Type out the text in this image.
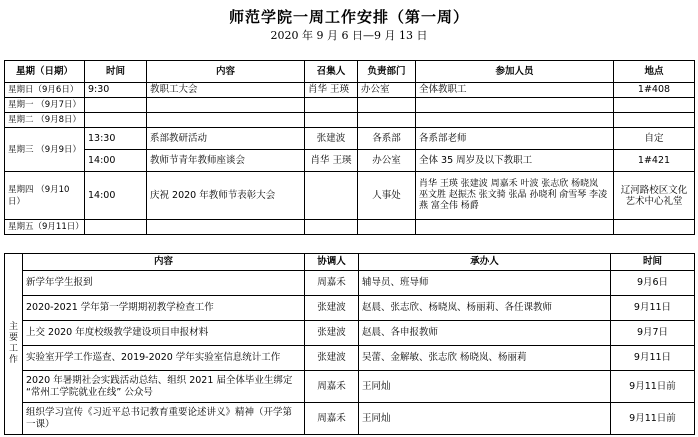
师范学院一周工作安排（第一周）
2020 年 9 月 6 日—9 月 13 日
星期（日期）	时间	内容	召集人	负责部门	参加人员	地点
星期日（9月6日）	9:30	教职工大会	肖华 王瑛	办公室	全体教职工	1#408
星期一 （9月7日）						
星期二 （9月8日）						
星期三 （9月9日）	13:30	系部教研活动	张建波	各系部	各系部老师	自定
	14:00	教师节青年教师座谈会	肖华 王瑛	办公室	全体 35 周岁及以下教职工	1#421
星期四 （9月10日）	14:00	庆祝 2020 年教师节表彰大会		人事处	肖华 王瑛 张建波 周嘉禾 叶波 张志欣 杨晓岚 巫文胜 赵振杰 张文骑 张晶 孙晓利 俞雪琴 李凌燕 富全伟 杨爵	辽河路校区文化艺术中心礼堂
星期五（9月11日）						
主要工作	内容	协调人	承办人	时间
	新学年学生报到	周嘉禾	辅导员、班导师	9月6日
	2020-2021 学年第一学期期初教学检查工作	张建波	赵晨、张志欣、杨晓岚、杨丽莉、各任课教师	9月11日
	上交 2020 年度校级教学建设项目申报材料	张建波	赵晨、各申报教师	9月7日
	实验室开学工作巡查、2019-2020 学年实验室信息统计工作	张建波	吴蕾、金解敏、张志欣 杨晓岚、杨丽莉	9月11日
	2020 年暑期社会实践活动总结、组织 2021 届全体毕业生绑定 “常州工学院就业在线” 公众号	周嘉禾	王同灿	9月11日前
	组织学习宣传《习近平总书记教育重要论述讲义》精神（开学第一课）	周嘉禾	王同灿	9月11日前
